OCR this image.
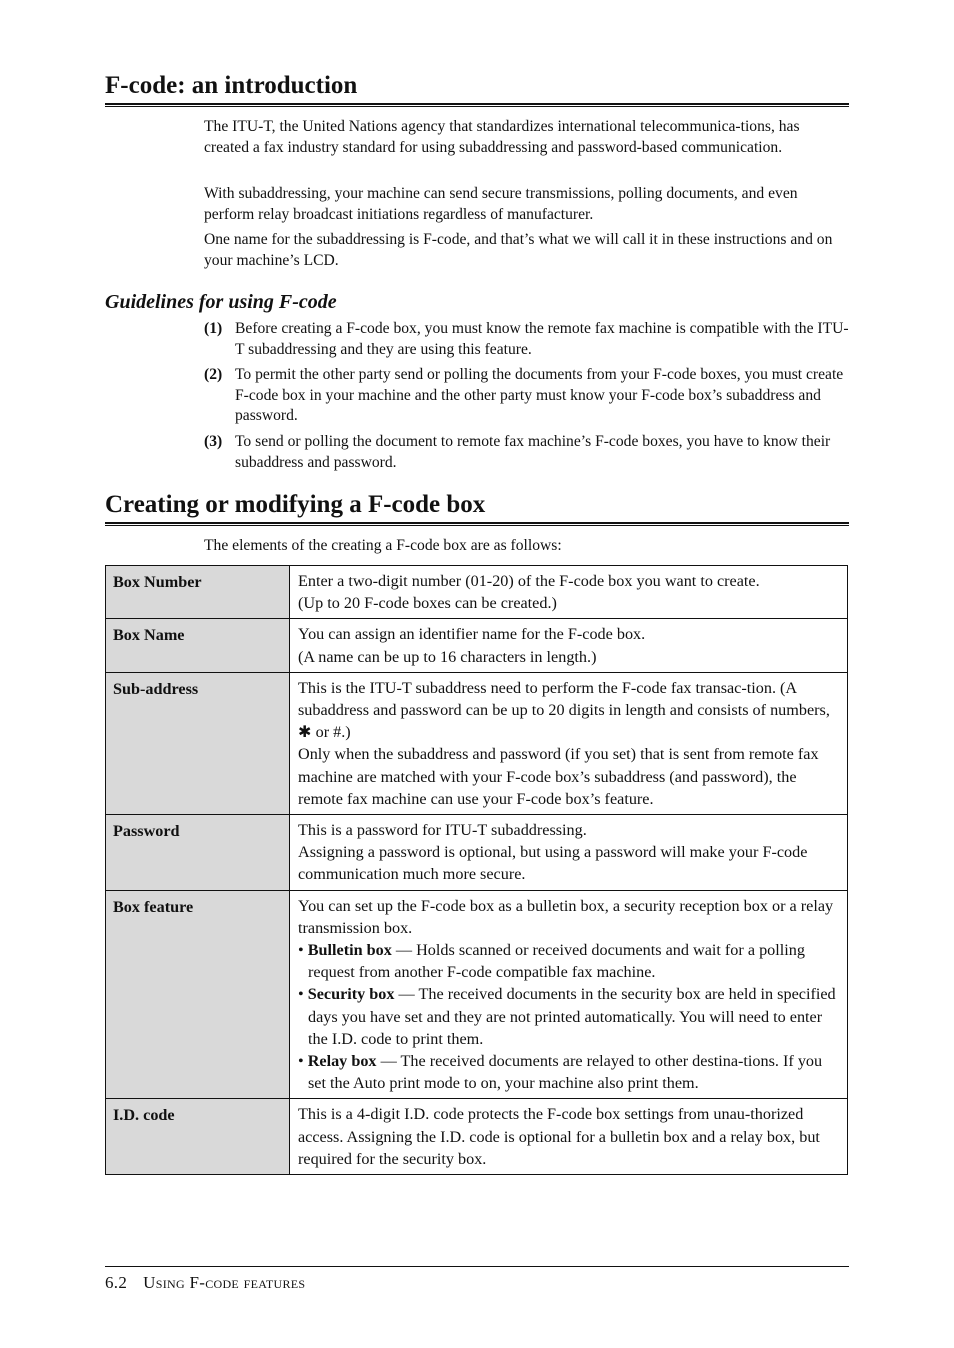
F-code: an introduction

The ITU-T, the United Nations agency that standardizes international telecommunica-tions, has created a fax industry standard for using subaddressing and password-based communication.

With subaddressing, your machine can send secure transmissions, polling documents, and even perform relay broadcast initiations regardless of manufacturer.

One name for the subaddressing is F-code, and that’s what we will call it in these instructions and on your machine’s LCD.

Guidelines for using F-code
(1) Before creating a F-code box, you must know the remote fax machine is compatible with the ITU-T subaddressing and they are using this feature.
(2) To permit the other party send or polling the documents from your F-code boxes, you must create F-code box in your machine and the other party must know your F-code box’s subaddress and password.
(3) To send or polling the document to remote fax machine’s F-code boxes, you have to know their subaddress and password.
Creating or modifying a F-code box

The elements of the creating a F-code box are as follows:

Box Number	Enter a two-digit number (01-20) of the F-code box you want to create.
(Up to 20 F-code boxes can be created.)

Box Name	You can assign an identifier name for the F-code box.
(A name can be up to 16 characters in length.)

Sub-address	This is the ITU-T subaddress need to perform the F-code fax transac-tion. (A subaddress and password can be up to 20 digits in length and consists of numbers, ✱ or #.)
Only when the subaddress and password (if you set) that is sent from remote fax machine are matched with your F-code box’s subaddress (and password), the remote fax machine can use your F-code box’s feature.

Password	This is a password for ITU-T subaddressing.
Assigning a password is optional, but using a password will make your F-code communication much more secure.

Box feature	You can set up the F-code box as a bulletin box, a security reception box or a relay transmission box.
• Bulletin box — Holds scanned or received documents and wait for a polling request from another F-code compatible fax machine.
• Security box — The received documents in the security box are held in specified days you have set and they are not printed automatically. You will need to enter the I.D. code to print them.
• Relay box — The received documents are relayed to other destina-tions. If you set the Auto print mode to on, your machine also print them.

I.D. code	This is a 4-digit I.D. code protects the F-code box settings from unau-thorized access. Assigning the I.D. code is optional for a bulletin box and a relay box, but required for the security box.
6.2 Using F-code features
